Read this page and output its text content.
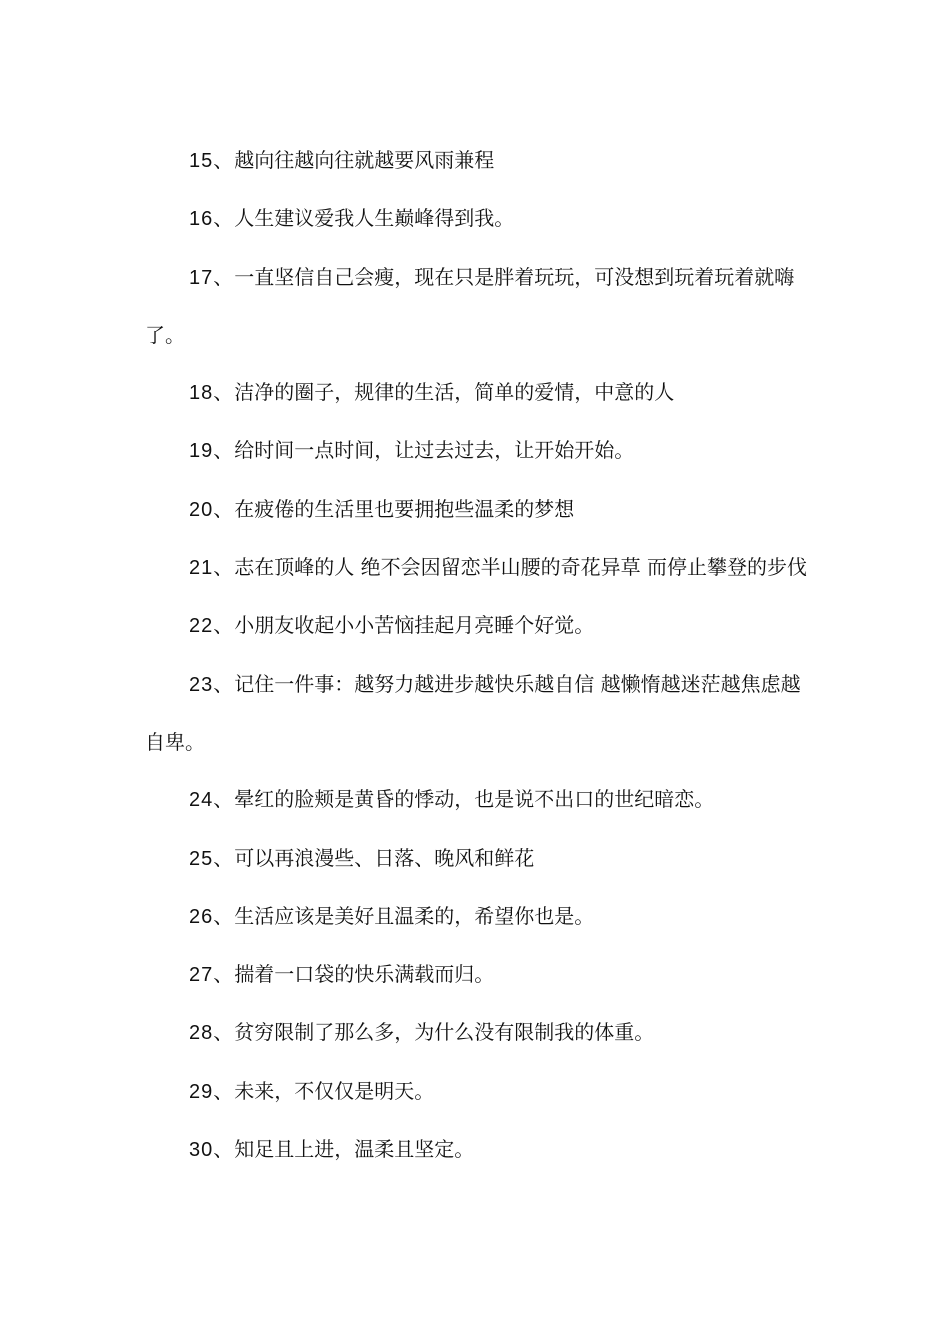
15、越向往越向往就越要风雨兼程

16、人生建议爱我人生巅峰得到我。

17、一直坚信自己会瘦，现在只是胖着玩玩，可没想到玩着玩着就嗨了。

18、洁净的圈子，规律的生活，简单的爱情，中意的人

19、给时间一点时间，让过去过去，让开始开始。

20、在疲倦的生活里也要拥抱些温柔的梦想

21、志在顶峰的人 绝不会因留恋半山腰的奇花异草 而停止攀登的步伐

22、小朋友收起小小苦恼挂起月亮睡个好觉。

23、记住一件事：越努力越进步越快乐越自信 越懒惰越迷茫越焦虑越自卑。

24、晕红的脸颊是黄昏的悸动，也是说不出口的世纪暗恋。

25、可以再浪漫些、日落、晚风和鲜花

26、生活应该是美好且温柔的，希望你也是。

27、揣着一口袋的快乐满载而归。

28、贫穷限制了那么多，为什么没有限制我的体重。

29、未来，不仅仅是明天。

30、知足且上进，温柔且坚定。
